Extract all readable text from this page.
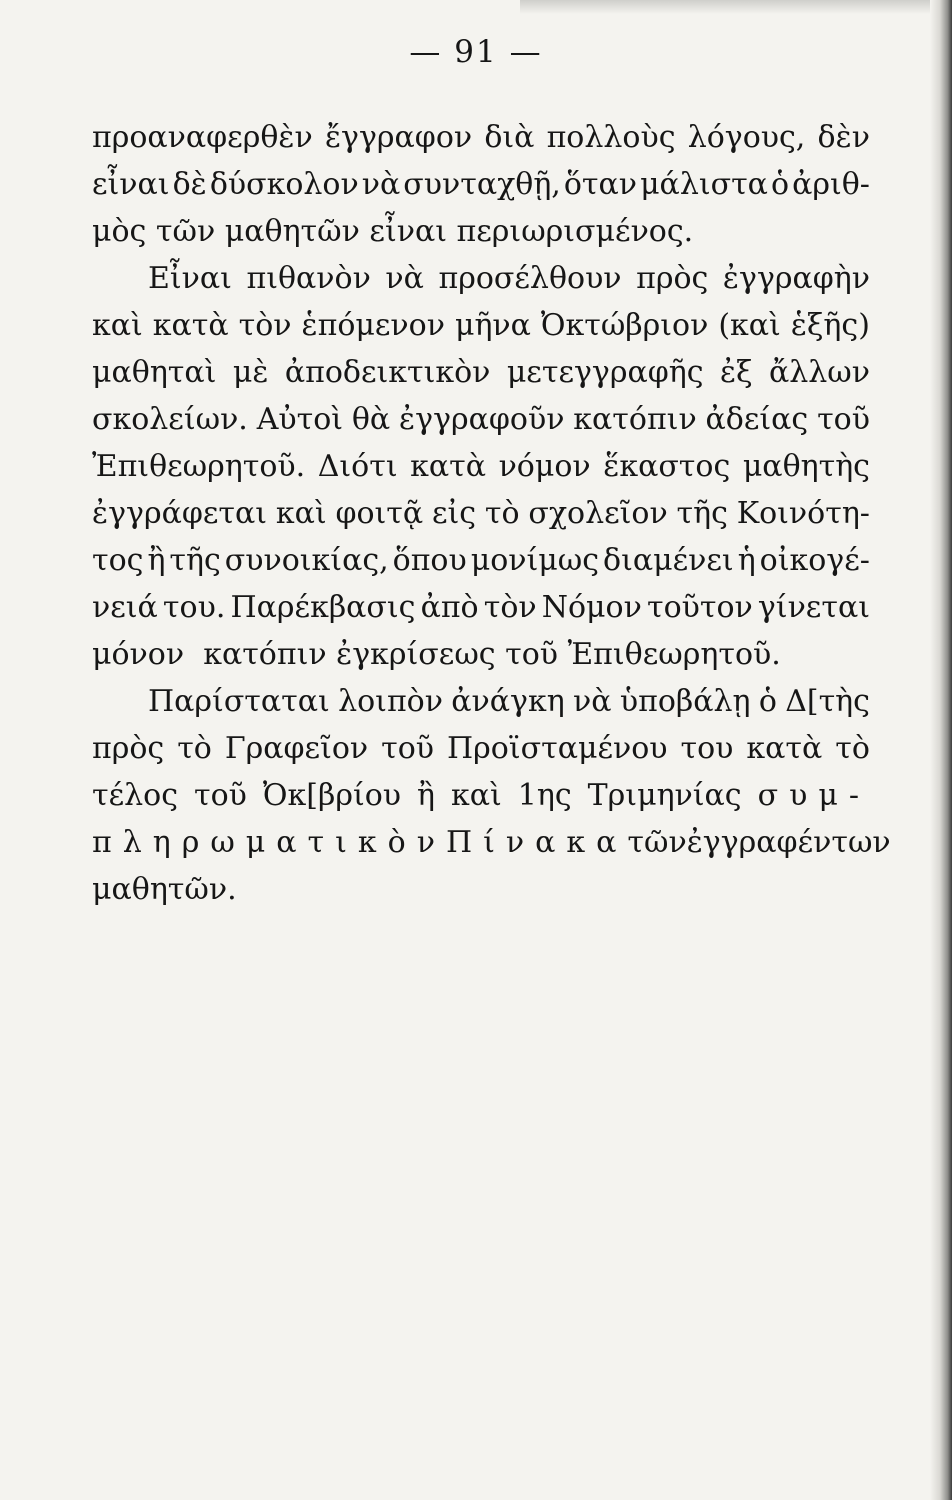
— 91 —
προαναφερθὲν ἔγγραφον διὰ πολλοὺς λόγους, δὲν
εἶναι δὲ δύσκολον νὰ συνταχθῇ, ὅταν μάλιστα ὁ ἀριθ-
μὸς
τῶν
μαθητῶν
εἶναι
περιωρισμένος.
Εἶναι πιθανὸν νὰ προσέλθουν πρὸς ἐγγραφὴν
καὶ κατὰ τὸν ἑπόμενον μῆνα Ὀκτώβριον (καὶ ἑξῆς)
μαθηταὶ μὲ ἀποδεικτικὸν μετεγγραφῆς ἐξ ἄλλων
σκολείων. Αὐτοὶ θὰ ἐγγραφοῦν κατόπιν ἀδείας τοῦ
Ἐπιθεωρητοῦ. Διότι κατὰ νόμον ἕκαστος μαθητὴς
ἐγγράφεται καὶ φοιτᾷ εἰς τὸ σχολεῖον τῆς Κοινότη-
τος ἢ τῆς συνοικίας, ὅπου μονίμως διαμένει ἡ οἰκογέ-
νειά του. Παρέκβασις ἀπὸ τὸν Νόμον τοῦτον γίνεται
μόνον
κατόπιν
ἐγκρίσεως
τοῦ
Ἐπιθεωρητοῦ.
Παρίσταται λοιπὸν ἀνάγκη νὰ ὑποβάλῃ ὁ Δ[τὴς
πρὸς τὸ Γραφεῖον τοῦ Προϊσταμένου του κατὰ τὸ
τέλος τοῦ Ὀκ[βρίου ἢ καὶ 1ης Τριμηνίας συμ-
πληρωματικὸν Πίνακα τῶν ἐγγραφέντων
μαθητῶν.
